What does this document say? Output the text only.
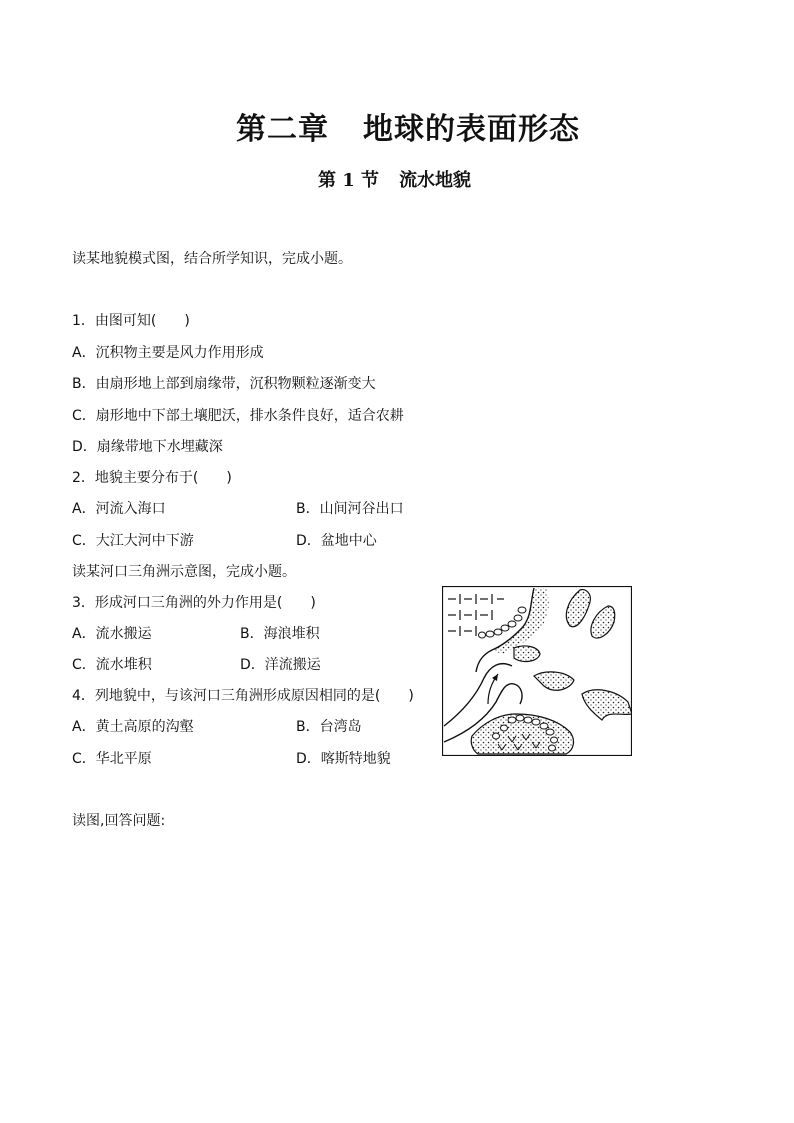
第二章 地球的表面形态
第 1 节 流水地貌
读某地貌模式图，结合所学知识，完成小题。
1．由图可知(　　)
A．沉积物主要是风力作用形成
B．由扇形地上部到扇缘带，沉积物颗粒逐渐变大
C．扇形地中下部土壤肥沃，排水条件良好，适合农耕
D．扇缘带地下水埋藏深
2．地貌主要分布于(　　)
A．河流入海口	B．山间河谷出口
C．大江大河中下游	D．盆地中心
读某河口三角洲示意图，完成小题。
3．形成河口三角洲的外力作用是(　　)
A．流水搬运	B．海浪堆积
C．流水堆积	D．洋流搬运
4．列地貌中，与该河口三角洲形成原因相同的是(　　)
A．黄土高原的沟壑	B．台湾岛
C．华北平原	D．喀斯特地貌
读图,回答问题:
